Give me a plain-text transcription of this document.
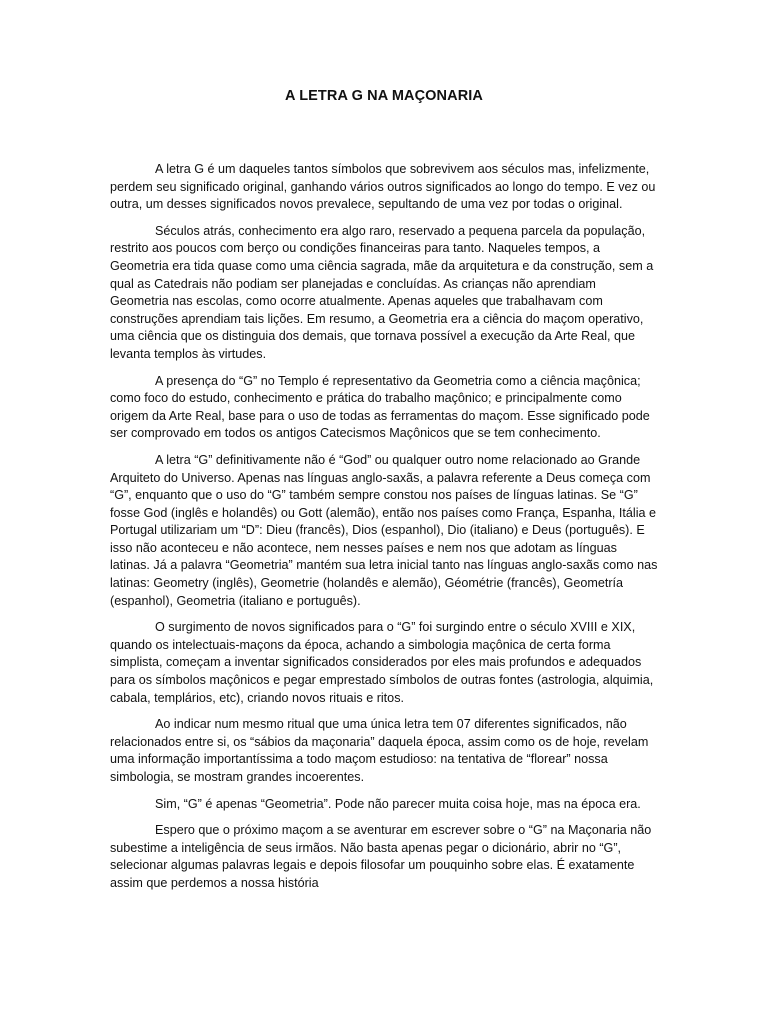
A LETRA G NA MAÇONARIA

A letra G é um daqueles tantos símbolos que sobrevivem aos séculos mas, infelizmente, perdem seu significado original, ganhando vários outros significados ao longo do tempo. E vez ou outra, um desses significados novos prevalece, sepultando de uma vez por todas o original.

Séculos atrás, conhecimento era algo raro, reservado a pequena parcela da população, restrito aos poucos com berço ou condições financeiras para tanto. Naqueles tempos, a Geometria era tida quase como uma ciência sagrada, mãe da arquitetura e da construção, sem a qual as Catedrais não podiam ser planejadas e concluídas. As crianças não aprendiam Geometria nas escolas, como ocorre atualmente. Apenas aqueles que trabalhavam com construções aprendiam tais lições. Em resumo, a Geometria era a ciência do maçom operativo, uma ciência que os distinguia dos demais, que tornava possível a execução da Arte Real, que levanta templos às virtudes.

A presença do “G” no Templo é representativo da Geometria como a ciência maçônica; como foco do estudo, conhecimento e prática do trabalho maçônico; e principalmente como origem da Arte Real, base para o uso de todas as ferramentas do maçom. Esse significado pode ser comprovado em todos os antigos Catecismos Maçônicos que se tem conhecimento.

A letra “G” definitivamente não é “God” ou qualquer outro nome relacionado ao Grande Arquiteto do Universo. Apenas nas línguas anglo-saxãs, a palavra referente a Deus começa com “G”, enquanto que o uso do “G” também sempre constou nos países de línguas latinas. Se “G” fosse God (inglês e holandês) ou Gott (alemão), então nos países como França, Espanha, Itália e Portugal utilizariam um “D”: Dieu (francês), Dios (espanhol), Dio (italiano) e Deus (português). E isso não aconteceu e não acontece, nem nesses países e nem nos que adotam as línguas latinas. Já a palavra “Geometria” mantém sua letra inicial tanto nas línguas anglo-saxãs como nas latinas: Geometry (inglês), Geometrie (holandês e alemão), Géométrie (francês), Geometría (espanhol), Geometria (italiano e português).

O surgimento de novos significados para o “G” foi surgindo entre o século XVIII e XIX, quando os intelectuais-maçons da época, achando a simbologia maçônica de certa forma simplista, começam a inventar significados considerados por eles mais profundos e adequados para os símbolos maçônicos e pegar emprestado símbolos de outras fontes (astrologia, alquimia, cabala, templários, etc), criando novos rituais e ritos.

Ao indicar num mesmo ritual que uma única letra tem 07 diferentes significados, não relacionados entre si, os “sábios da maçonaria” daquela época, assim como os de hoje, revelam uma informação importantíssima a todo maçom estudioso: na tentativa de “florear” nossa simbologia, se mostram grandes incoerentes.

Sim, “G” é apenas “Geometria”. Pode não parecer muita coisa hoje, mas na época era.

Espero que o próximo maçom a se aventurar em escrever sobre o “G” na Maçonaria não subestime a inteligência de seus irmãos. Não basta apenas pegar o dicionário, abrir no “G”, selecionar algumas palavras legais e depois filosofar um pouquinho sobre elas. É exatamente assim que perdemos a nossa história
